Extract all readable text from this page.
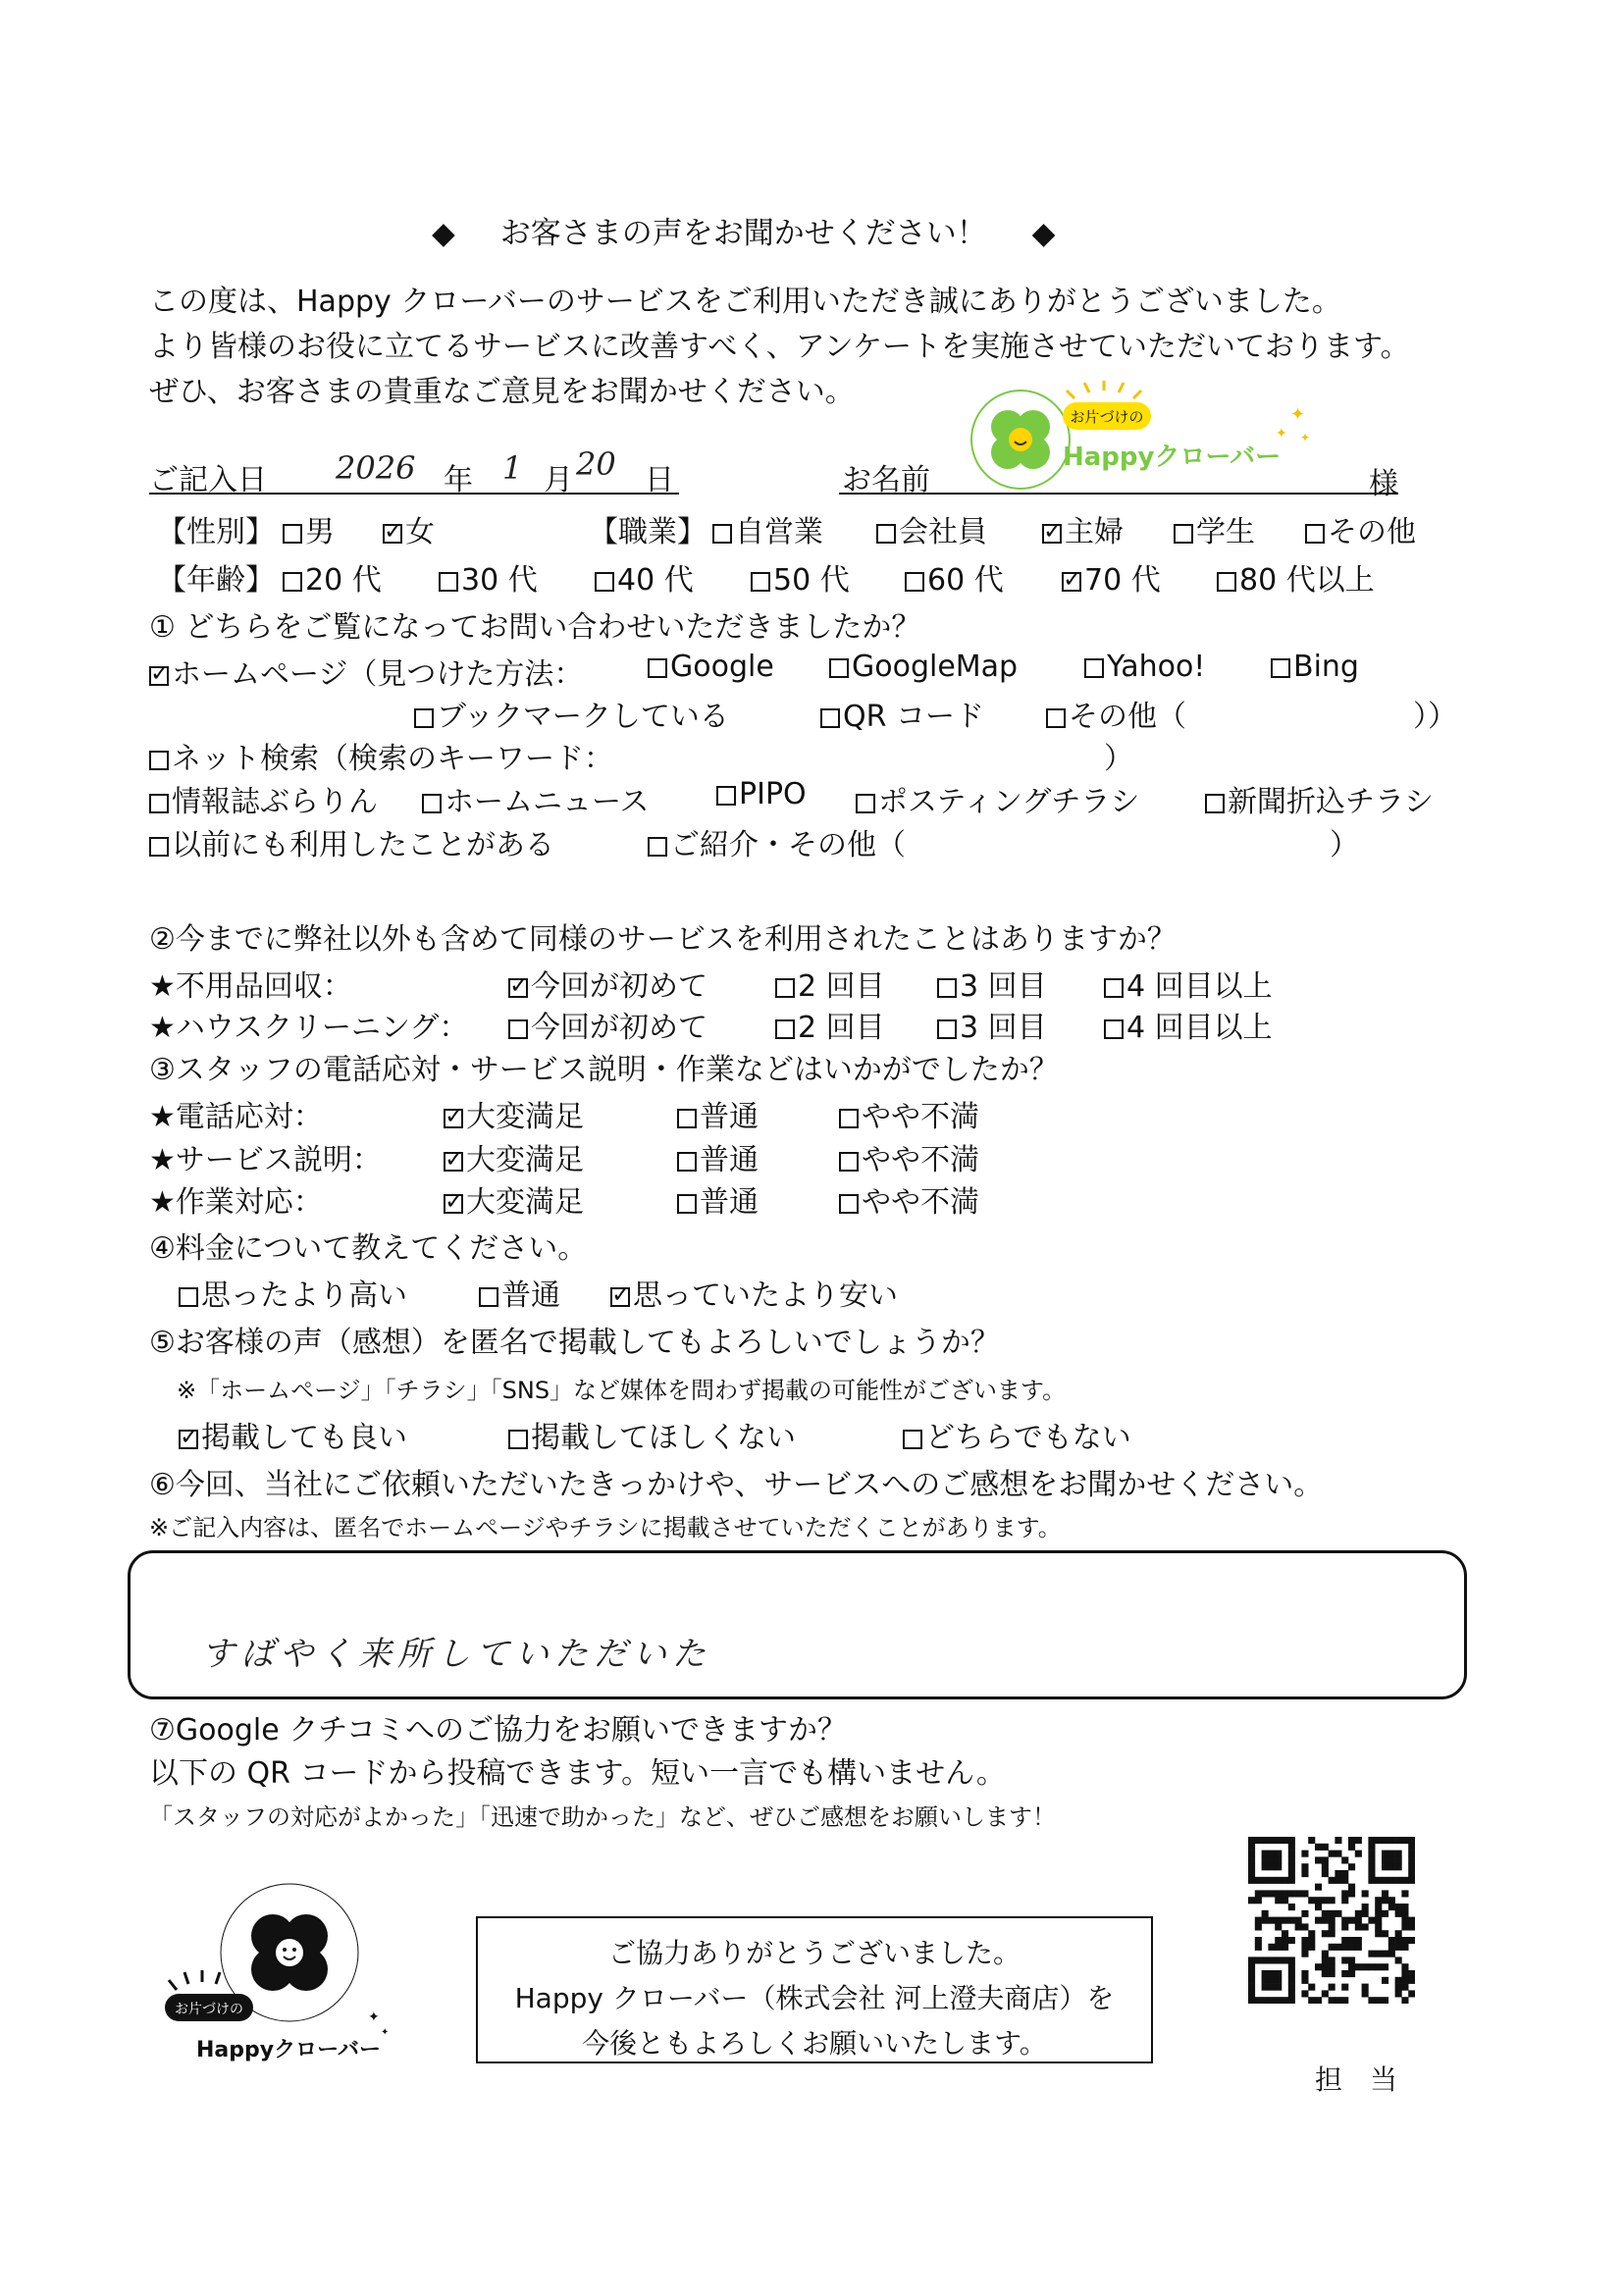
◆ お客さまの声をお聞かせください！ ◆
この度は、Happy クローバーのサービスをご利用いただき誠にありがとうございました。
より皆様のお役に立てるサービスに改善すべく、アンケートを実施させていただいております。
ぜひ、お客さまの貴重なご意見をお聞かせください。
お片づけの
Happyクローバー
✦
✦ ✦
ご記入日 2026 年 1 月 20 日	お名前	様
【性別】	男 ✓	女	【職業】 自営業	会社員 ✓	主婦	学生	その他
【年齢】	20 代	30 代	40 代	50 代	60 代 ✓	70 代	80 代以上
① どちらをご覧になってお問い合わせいただきましたか？
✓ホームページ（見つけた方法：	Google	GoogleMap	Yahoo!	Bing
ブックマークしている	QR コード	その他（	））
ネット検索（検索のキーワード：	）
情報誌ぶらりん	ホームニュース	PIPO	ポスティングチラシ	新聞折込チラシ
以前にも利用したことがある	ご紹介・その他（	）
②今までに弊社以外も含めて同様のサービスを利用されたことはありますか？
★不用品回収： ✓	今回が初めて	2 回目	3 回目	4 回目以上
★ハウスクリーニング：	今回が初めて	2 回目	3 回目	4 回目以上
③スタッフの電話応対・サービス説明・作業などはいかがでしたか？
★電話応対： ✓	大変満足	普通	やや不満
★サービス説明： ✓	大変満足	普通	やや不満
★作業対応： ✓	大変満足	普通	やや不満
④料金について教えてください。
思ったより高い	普通 ✓	思っていたより安い
⑤お客様の声（感想）を匿名で掲載してもよろしいでしょうか？
※「ホームページ」「チラシ」「SNS」など媒体を問わず掲載の可能性がございます。
✓掲載しても良い	掲載してほしくない	どちらでもない
⑥今回、当社にご依頼いただいたきっかけや、サービスへのご感想をお聞かせください。
※ご記入内容は、匿名でホームページやチラシに掲載させていただくことがあります。
すばやく来所していただいた
⑦Google クチコミへのご協力をお願いできますか？
以下の QR コードから投稿できます。短い一言でも構いません。
「スタッフの対応がよかった」「迅速で助かった」など、ぜひご感想をお願いします！
お片づけの
Happyクローバー
✦
✦
ご協力ありがとうございました。
Happy クローバー（株式会社 河上澄夫商店）を
今後ともよろしくお願いいたします。
担　当
